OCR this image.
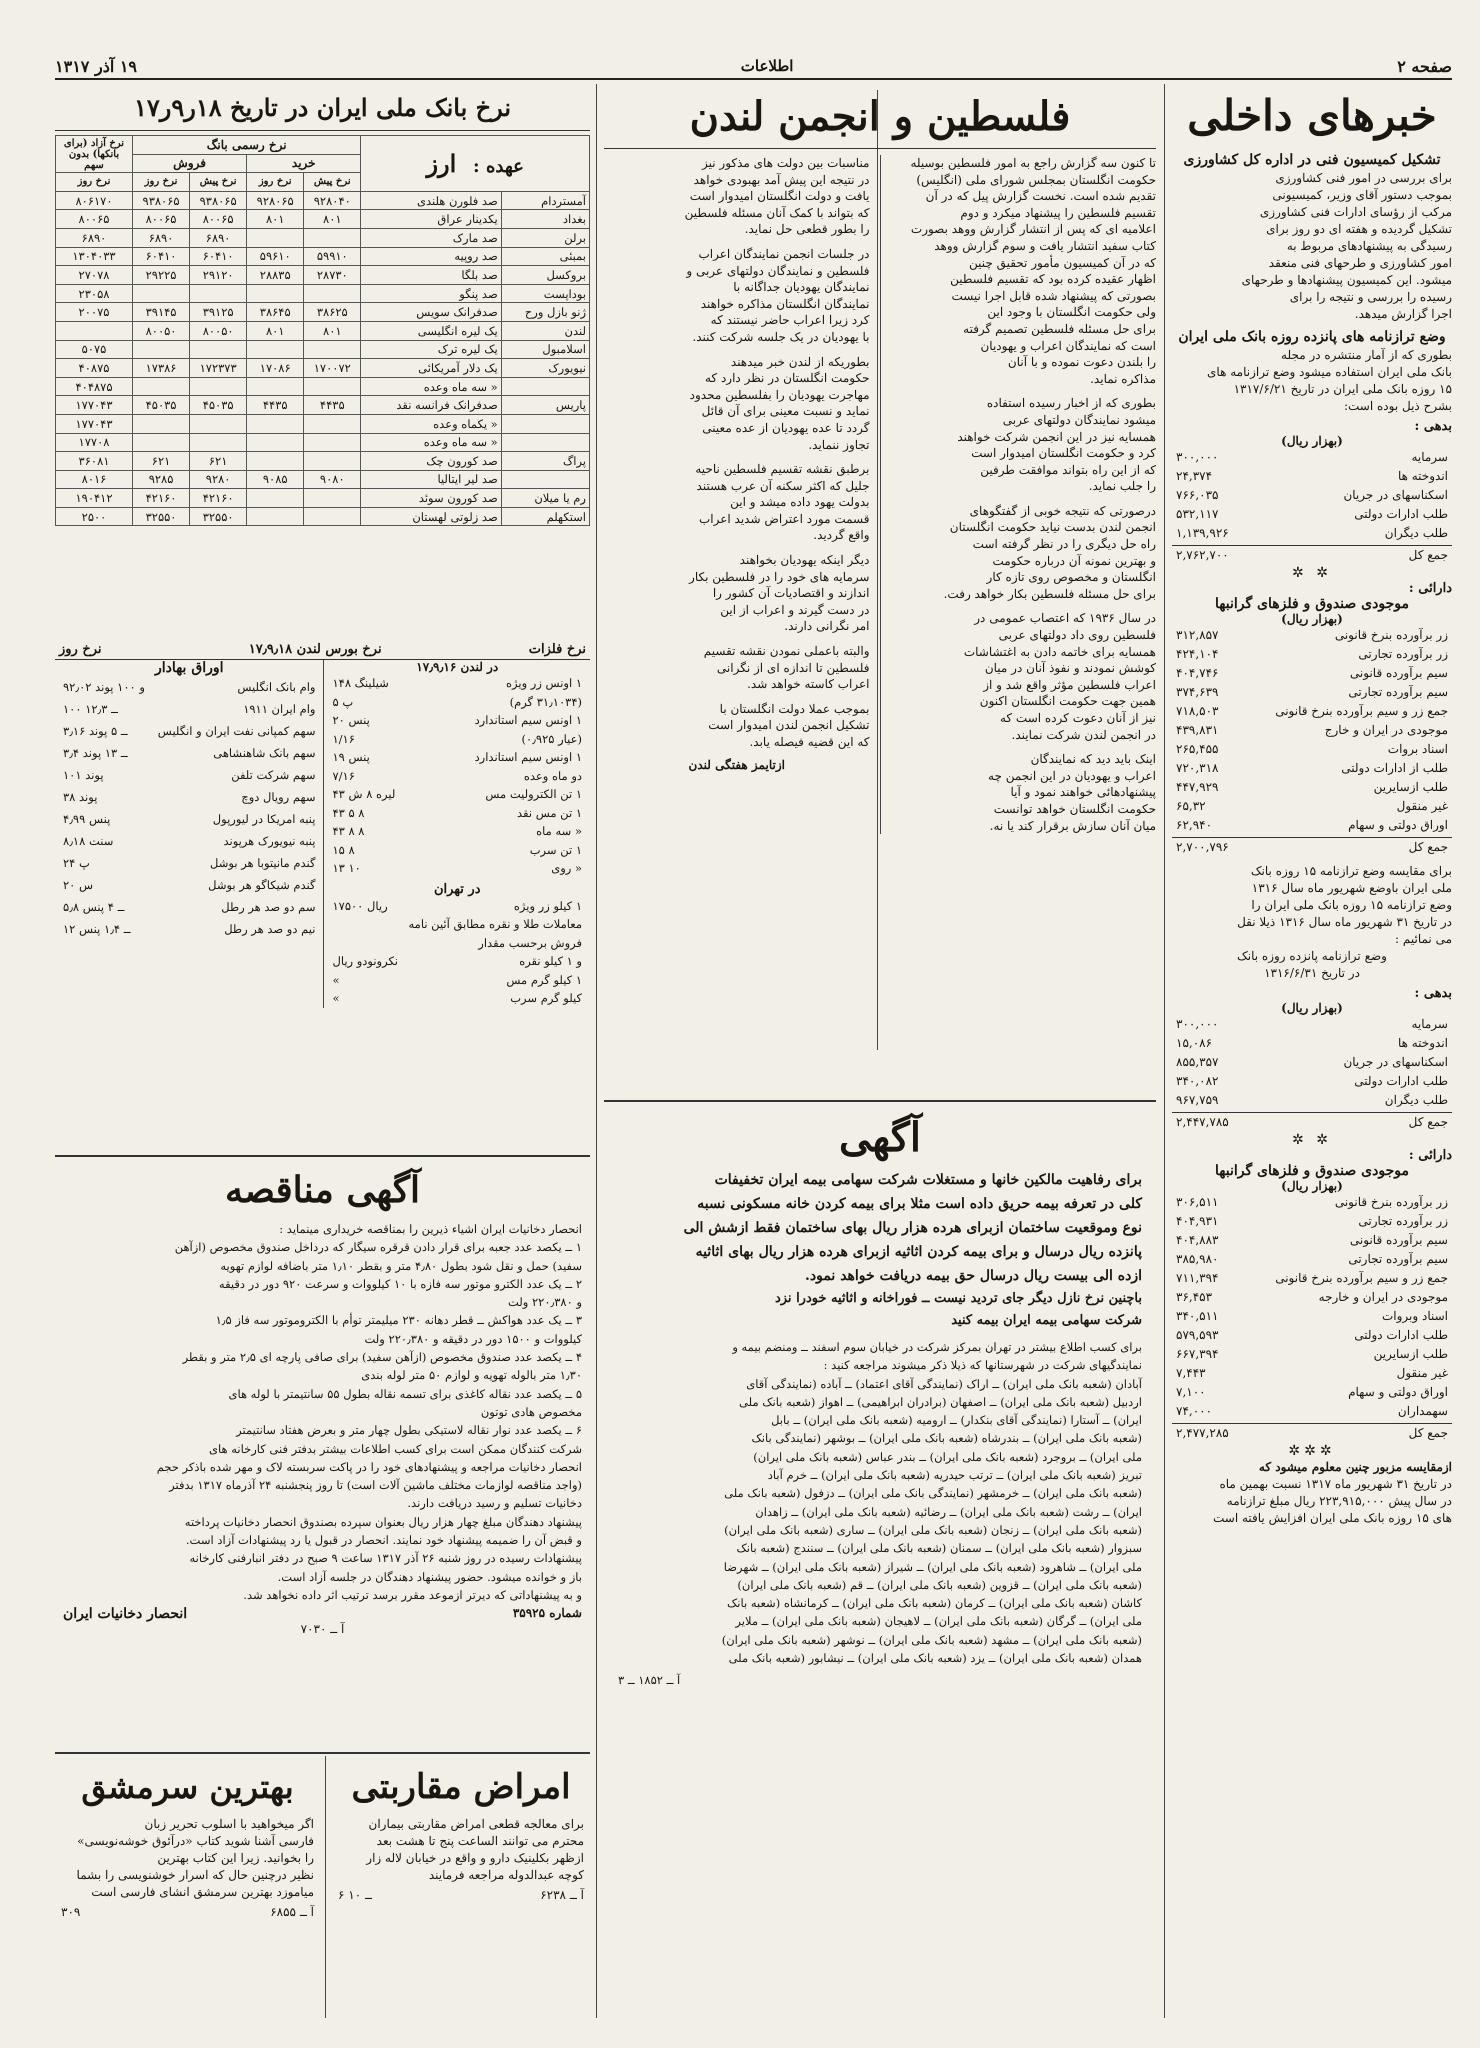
صفحه ۲
اطلاعات
۱۹ آذر ۱۳۱۷
خبرهای داخلی
تشکیل کمیسیون فنی در اداره کل کشاورزی

برای بررسی در امور فنی کشاورزی

بموجب دستور آقای وزیر، کمیسیونی

مرکب از رؤسای ادارات فنی کشاورزی

تشکیل گردیده و هفته ای دو روز برای

رسیدگی به پیشنهادهای مربوط به

امور کشاورزی و طرحهای فنی منعقد

میشود. این کمیسیون پیشنهادها و طرحهای

رسیده را بررسی و نتیجه را برای

اجرا گزارش میدهد.

وضع ترازنامه های پانزده روزه بانک ملی ایران

بطوری که از آمار منتشره در مجله

بانک ملی ایران استفاده میشود وضع ترازنامه های

۱۵ روزه بانک ملی ایران در تاریخ ۱۳۱۷/۶/۲۱

بشرح ذیل بوده است:

بدهی :
(بهزار ریال)
سرمایه
۳۰۰,۰۰۰
اندوخته ها
۲۴,۳۷۴
اسکناسهای در جریان
۷۶۶,۰۳۵
طلب ادارات دولتی
۵۳۲,۱۱۷
طلب دیگران
۱,۱۳۹,۹۲۶
جمع کل
۲,۷۶۲,۷۰۰
✲ ✲
دارائی :
موجودی صندوق و فلزهای گرانبها
(بهزار ریال)
زر برآورده بنرخ قانونی
۳۱۲,۸۵۷
زر برآورده تجارتی
۴۲۴,۱۰۴
سیم برآورده قانونی
۴۰۴,۷۴۶
سیم برآورده تجارتی
۳۷۴,۶۳۹
جمع زر و سیم برآورده بنرخ قانونی
۷۱۸,۵۰۳
موجودی در ایران و خارج
۴۳۹,۸۳۱
اسناد بروات
۲۶۵,۴۵۵
طلب از ادارات دولتی
۷۲۰,۳۱۸
طلب ازسایرین
۴۴۷,۹۲۹
غیر منقول
۶۵,۳۲
اوراق دولتی و سهام
۶۲,۹۴۰
جمع کل
۲,۷۰۰,۷۹۶

برای مقایسه وضع ترازنامه ۱۵ روزه بانک

ملی ایران باوضع شهریور ماه سال ۱۳۱۶

وضع ترازنامه ۱۵ روزه بانک ملی ایران را

در تاریخ ۳۱ شهریور ماه سال ۱۳۱۶ ذیلا نقل

می نمائیم :

وضع ترازنامه پانزده روزه بانک

در تاریخ ۱۳۱۶/۶/۳۱

بدهی :
(بهزار ریال)
سرمایه
۳۰۰,۰۰۰
اندوخته ها
۱۵,۰۸۶
اسکناسهای در جریان
۸۵۵,۳۵۷
طلب ادارات دولتی
۳۴۰,۰۸۲
طلب دیگران
۹۶۷,۷۵۹
جمع کل
۲,۴۴۷,۷۸۵
✲ ✲
دارائی :
موجودی صندوق و فلزهای گرانبها
(بهزار ریال)
زر برآورده بنرخ قانونی
۳۰۶,۵۱۱
زر برآورده تجارتی
۴۰۴,۹۳۱
سیم برآورده قانونی
۴۰۴,۸۸۳
سیم برآورده تجارتی
۳۸۵,۹۸۰
جمع زر و سیم برآورده بنرخ قانونی
۷۱۱,۳۹۴
موجودی در ایران و خارجه
۳۶,۴۵۳
اسناد وبروات
۳۴۰,۵۱۱
طلب ادارات دولتی
۵۷۹,۵۹۳
طلب ازسایرین
۶۶۷,۳۹۴
غیر منقول
۷,۴۴۳
اوراق دولتی و سهام
۷,۱۰۰
سهمداران
۷۴,۰۰۰
جمع کل
۲,۴۷۷,۲۸۵
✲✲✲

ازمقایسه مزبور چنین معلوم میشود که

در تاریخ ۳۱ شهریور ماه ۱۳۱۷ نسبت بهمین ماه

در سال پیش ۲۲۳,۹۱۵,۰۰۰ ریال مبلغ ترازنامه

های ۱۵ روزه بانک ملی ایران افزایش یافته است

فلسطین و انجمن لندن

تا کنون سه گزارش راجع به امور فلسطین بوسیله

حکومت انگلستان بمجلس شورای ملی (انگلیس)

تقدیم شده است. نخست گزارش پیل که در آن

تقسیم فلسطین را پیشنهاد میکرد و دوم

اعلامیه ای که پس از انتشار گزارش ووهد بصورت

کتاب سفید انتشار یافت و سوم گزارش ووهد

که در آن کمیسیون مأمور تحقیق چنین

اظهار عقیده کرده بود که تقسیم فلسطین

بصورتی که پیشنهاد شده قابل اجرا نیست

ولی حکومت انگلستان با وجود این

برای حل مسئله فلسطین تصمیم گرفته

است که نمایندگان اعراب و یهودیان

را بلندن دعوت نموده و با آنان

مذاکره نماید.

بطوری که از اخبار رسیده استفاده

میشود نمایندگان دولتهای عربی

همسایه نیز در این انجمن شرکت خواهند

کرد و حکومت انگلستان امیدوار است

که از این راه بتواند موافقت طرفین

را جلب نماید.

درصورتی که نتیجه خوبی از گفتگوهای

انجمن لندن بدست نیاید حکومت انگلستان

راه حل دیگری را در نظر گرفته است

و بهترین نمونه آن درباره حکومت

انگلستان و مخصوص روی تازه کار

برای حل مسئله فلسطین بکار خواهد رفت.

در سال ۱۹۳۶ که اعتصاب عمومی در

فلسطین روی داد دولتهای عربی

همسایه برای خاتمه دادن به اغتشاشات

کوشش نمودند و نفوذ آنان در میان

اعراب فلسطین مؤثر واقع شد و از

همین جهت حکومت انگلستان اکنون

نیز از آنان دعوت کرده است که

در انجمن لندن شرکت نمایند.

اینک باید دید که نمایندگان

اعراب و یهودیان در این انجمن چه

پیشنهادهائی خواهند نمود و آیا

حکومت انگلستان خواهد توانست

میان آنان سازش برقرار کند یا نه.

مناسبات بین دولت های مذکور نیز

در نتیجه این پیش آمد بهبودی خواهد

یافت و دولت انگلستان امیدوار است

که بتواند با کمک آنان مسئله فلسطین

را بطور قطعی حل نماید.

در جلسات انجمن نمایندگان اعراب

فلسطین و نمایندگان دولتهای عربی و

نمایندگان یهودیان جداگانه با

نمایندگان انگلستان مذاکره خواهند

کرد زیرا اعراب حاضر نیستند که

با یهودیان در یک جلسه شرکت کنند.

بطوریکه از لندن خبر میدهند

حکومت انگلستان در نظر دارد که

مهاجرت یهودیان را بفلسطین محدود

نماید و نسبت معینی برای آن قائل

گردد تا عده یهودیان از عده معینی

تجاوز ننماید.

برطبق نقشه تقسیم فلسطین ناحیه

جلیل که اکثر سکنه آن عرب هستند

بدولت یهود داده میشد و این

قسمت مورد اعتراض شدید اعراب

واقع گردید.

دیگر اینکه یهودیان بخواهند

سرمایه های خود را در فلسطین بکار

اندازند و اقتصادیات آن کشور را

در دست گیرند و اعراب از این

امر نگرانی دارند.

والبته باعملی نمودن نقشه تقسیم

فلسطین تا اندازه ای از نگرانی

اعراب کاسته خواهد شد.

بموجب عملا دولت انگلستان با

تشکیل انجمن لندن امیدوار است

که این قضیه فیصله یابد.

ازتایمز هفتگی لندن

آگهی

برای رفاهیت مالکین خانها و مستغلات شرکت سهامی بیمه ایران تخفیفات

کلی در تعرفه بیمه حریق داده است مثلا برای بیمه کردن خانه مسکونی نسبه

نوع وموقعیت ساختمان ازبرای هرده هزار ریال بهای ساختمان فقط ازشش الی

پانزده ریال درسال و برای بیمه کردن اثاثیه ازبرای هرده هزار ریال بهای اثاثیه

ازده الی بیست ریال درسال حق بیمه دریافت خواهد نمود.

باچنین نرخ نازل دیگر جای تردید نیست ــ فوراخانه و اثاثیه خودرا نزد

شرکت سهامی بیمه ایران بیمه کنید

برای کسب اطلاع بیشتر در تهران بمرکز شرکت در خیابان سوم اسفند ــ ومنضم بیمه و

نمایندگیهای شرکت در شهرستانها که ذیلا ذکر میشوند مراجعه کنید :

آبادان (شعبه بانک ملی ایران) ــ اراک (نمایندگی آقای اعتماد) ــ آباده (نمایندگی آقای

اردبیل (شعبه بانک ملی ایران) ــ اصفهان (برادران ابراهیمی) ــ اهواز (شعبه بانک ملی

ایران) ــ آستارا (نمایندگی آقای بنکدار) ــ ارومیه (شعبه بانک ملی ایران) ــ بابل

(شعبه بانک ملی ایران) ــ بندرشاه (شعبه بانک ملی ایران) ــ بوشهر (نمایندگی بانک

ملی ایران) ــ بروجرد (شعبه بانک ملی ایران) ــ بندر عباس (شعبه بانک ملی ایران)

تبریز (شعبه بانک ملی ایران) ــ ترتب حیدریه (شعبه بانک ملی ایران) ــ خرم آباد

(شعبه بانک ملی ایران) ــ خرمشهر (نمایندگی بانک ملی ایران) ــ دزفول (شعبه بانک ملی

ایران) ــ رشت (شعبه بانک ملی ایران) ــ رضائیه (شعبه بانک ملی ایران) ــ زاهدان

(شعبه بانک ملی ایران) ــ زنجان (شعبه بانک ملی ایران) ــ ساری (شعبه بانک ملی ایران)

سبزوار (شعبه بانک ملی ایران) ــ سمنان (شعبه بانک ملی ایران) ــ سنندج (شعبه بانک

ملی ایران) ــ شاهرود (شعبه بانک ملی ایران) ــ شیراز (شعبه بانک ملی ایران) ــ شهرضا

(شعبه بانک ملی ایران) ــ قزوین (شعبه بانک ملی ایران) ــ قم (شعبه بانک ملی ایران)

کاشان (شعبه بانک ملی ایران) ــ کرمان (شعبه بانک ملی ایران) ــ کرمانشاه (شعبه بانک

ملی ایران) ــ گرگان (شعبه بانک ملی ایران) ــ لاهیجان (شعبه بانک ملی ایران) ــ ملایر

(شعبه بانک ملی ایران) ــ مشهد (شعبه بانک ملی ایران) ــ نوشهر (شعبه بانک ملی ایران)

همدان (شعبه بانک ملی ایران) ــ یزد (شعبه بانک ملی ایران) ــ نیشابور (شعبه بانک ملی

آ ــ ۱۸۵۲ ــ ۳

نرخ بانک ملی ایران در تاریخ ۱۸ر۹ر۱۷
عهده :  ارز		نرخ رسمی بانگ				نرخ آزاد (برای بانکها) بدون سهم
		خرید		فروش		
		نرخ پیش	نرخ روز	نرخ پیش	نرخ روز	نرخ روز
آمستردام	صد فلورن هلندی	۹۲۸۰۴۰	۹۲۸۰۶۵	۹۳۸۰۶۵	۹۳۸۰۶۵	۸۰۶۱۷۰
بغداد	یکدینار عراق	۸۰۱	۸۰۱	۸۰۰۶۵	۸۰۰۶۵	۸۰۰۶۵
برلن	صد مارک			۶۸۹۰	۶۸۹۰	۶۸۹۰
بمبئی	صد روپیه	۵۹۹۱۰	۵۹۶۱۰	۶۰۴۱۰	۶۰۴۱۰	۱۳۰۴۰۳۳
بروکسل	صد بلگا	۲۸۷۳۰	۲۸۸۳۵	۲۹۱۲۰	۲۹۲۲۵	۲۷۰۷۸
بوداپست	صد پنگو					۲۳۰۵۸
ژنو بازل ورح	صدفرانک سویس	۳۸۶۲۵	۳۸۶۴۵	۳۹۱۲۵	۳۹۱۴۵	۲۰۰۷۵
لندن	یک لیره انگلیسی	۸۰۱	۸۰۱	۸۰۰۵۰	۸۰۰۵۰	
اسلامبول	یک لیره ترک					۵۰۷۵
نیویورک	یک دلار آمریکائی	۱۷۰۰۷۲	۱۷۰۸۶	۱۷۲۳۷۳	۱۷۳۸۶	۴۰۸۷۵
	« سه ماه وعده					۴۰۴۸۷۵
پاریس	صدفرانک فرانسه نقد	۴۴۳۵	۴۴۳۵	۴۵۰۳۵	۴۵۰۳۵	۱۷۷۰۴۳
	« یکماه وعده					۱۷۷۰۴۳
	« سه ماه وعده					۱۷۷۰۸
پراگ	صد کورون چک			۶۲۱	۶۲۱	۳۶۰۸۱
	صد لیر ایتالیا	۹۰۸۰	۹۰۸۵	۹۲۸۰	۹۲۸۵	۸۰۱۶
رم یا میلان	صد کورون سوئد			۴۲۱۶۰	۴۲۱۶۰	۱۹۰۴۱۲
استکهلم	صد زلوتی لهستان			۳۲۵۵۰	۳۲۵۵۰	۲۵۰۰
نرخ فلزات
نرخ بورس لندن ۱۷٫۹٫۱۸
نرخ روز
در لندن ۱۷٫۹٫۱۶
۱ اونس زر ویژه
۱۴۸ شیلینگ
(۳۱٫۱۰۳۴ گرم)
۵ پ
۱ اونس سیم استاندارد
۲۰ پنس
(عیار ۰٫۹۲۵)
۱/۱۶
۱ اونس سیم استاندارد
۱۹ پنس
دو ماه وعده
۷/۱۶
۱ تن الکترولیت مس
۴۳ لیره ۸ ش
۱ تن مس نقد
۴۳ ۵ ۸
« سه ماه
۴۳ ۸ ۸
۱ تن سرب
۱۵ ۸
« روی
۱۳ ۱۰
در تهران
۱ کیلو زر ویژه
۱۷۵۰۰ ریال
معاملات طلا و نقره مطابق آئین نامه
فروش برحسب مقدار
و ۱ کیلو نقره
نکرونودو ریال
۱ کیلو گرم مس
«
کیلو گرم سرب
«
اوراق بهادار
وام بانک انگلیس
۹۲٫۰۲ و ۱۰۰ پوند
وام ایران ۱۹۱۱
۱۰۰ ــ ۱۲٫۳
سهم کمپانی نفت ایران و انگلیس
۳٫۱۶ ــ ۵ پوند
سهم بانک شاهنشاهی
۳٫۴ ــ ۱۳ پوند
سهم شرکت تلفن
۱۰۱ پوند
سهم رویال دوچ
۳۸ پوند
پنبه امریکا در لیورپول
۴٫۹۹ پنس
پنبه نیویورک هرپوند
۸٫۱۸ سنت
گندم مانیتوبا هر بوشل
۲۴ پ
گندم شیکاگو هر بوشل
۲۰ س
سم دو صد هر رطل
۵٫۸ ــ ۴ پنس
نیم دو صد هر رطل
۱۲ ــ ۱٫۴ پنس
آگهی مناقصه

انحصار دخانیات ایران اشیاء ذیرین را بمناقصه خریداری مینماید :

۱ ــ یکصد عدد جعبه برای قرار دادن قرقره سیگار که درداخل صندوق مخصوص (ازآهن

سفید) حمل و نقل شود بطول ۴٫۸۰ متر و بقطر ۱٫۱۰ متر باضافه لوازم تهویه

۲ ــ یک عدد الکترو موتور سه فازه با ۱۰ کیلووات و سرعت ۹۲۰ دور در دقیقه

و ۲۲۰٫۳۸۰ ولت

۳ ــ یک عدد هواکش ــ قطر دهانه ۲۳۰ میلیمتر توأم با الکتروموتور سه فاز ۱٫۵

کیلووات و ۱۵۰۰ دور در دقیقه و ۲۲۰٫۳۸۰ ولت

۴ ــ یکصد عدد صندوق مخصوص (ازآهن سفید) برای صافی پارچه ای ۲٫۵ متر و بقطر

۱٫۳۰ متر بالوله تهویه و لوازم ۵۰ متر لوله بندی

۵ ــ یکصد عدد نقاله کاغذی برای تسمه نقاله بطول ۵۵ سانتیمتر با لوله های

مخصوص هادی توتون

۶ ــ یکصد عدد نوار نقاله لاستیکی بطول چهار متر و بعرض هفتاد سانتیمتر

شرکت کنندگان ممکن است برای کسب اطلاعات بیشتر بدفتر فنی کارخانه های

انحصار دخانیات مراجعه و پیشنهادهای خود را در پاکت سربسته لاک و مهر شده باذکر حجم

(واجد مناقصه لوازمات مختلف ماشین آلات است) تا روز پنجشنبه ۲۴ آذرماه ۱۳۱۷ بدفتر

دخانیات تسلیم و رسید دریافت دارند.

پیشنهاد دهندگان مبلغ چهار هزار ریال بعنوان سپرده بصندوق انحصار دخانیات پرداخته

و قبض آن را ضمیمه پیشنهاد خود نمایند. انحصار در قبول یا رد پیشنهادات آزاد است.

پیشنهادات رسیده در روز شنبه ۲۶ آذر ۱۳۱۷ ساعت ۹ صبح در دفتر انبارفنی کارخانه

باز و خوانده میشود. حضور پیشنهاد دهندگان در جلسه آزاد است.

و به پیشنهاداتی که دیرتر ازموعد مقرر برسد ترتیب اثر داده نخواهد شد.

شماره ۳۵۹۲۵
انحصار دخانیات ایران
آ ــ ۷۰۳۰
امراض مقاربتی

برای معالجه قطعی امراض مقاربتی بیماران

محترم می توانند الساعت پنج تا هشت بعد

ازظهر بکلینیک دارو و واقع در خیابان لاله زار

کوچه عبدالدوله مراجعه فرمایند

۶ ــ ۱۰	آ ــ ۶۲۳۸
بهترین سرمشق

اگر میخواهید با اسلوب تحریر زبان

فارسی آشنا شوید کتاب «درآئوق خوشه‌نویسی»

را بخوانید. زیرا این کتاب بهترین

نظیر درچنین حال که اسرار خوشنویسی را بشما

میاموزد بهترین سرمشق انشای فارسی است

۳۰۹	آ ــ ۶۸۵۵
